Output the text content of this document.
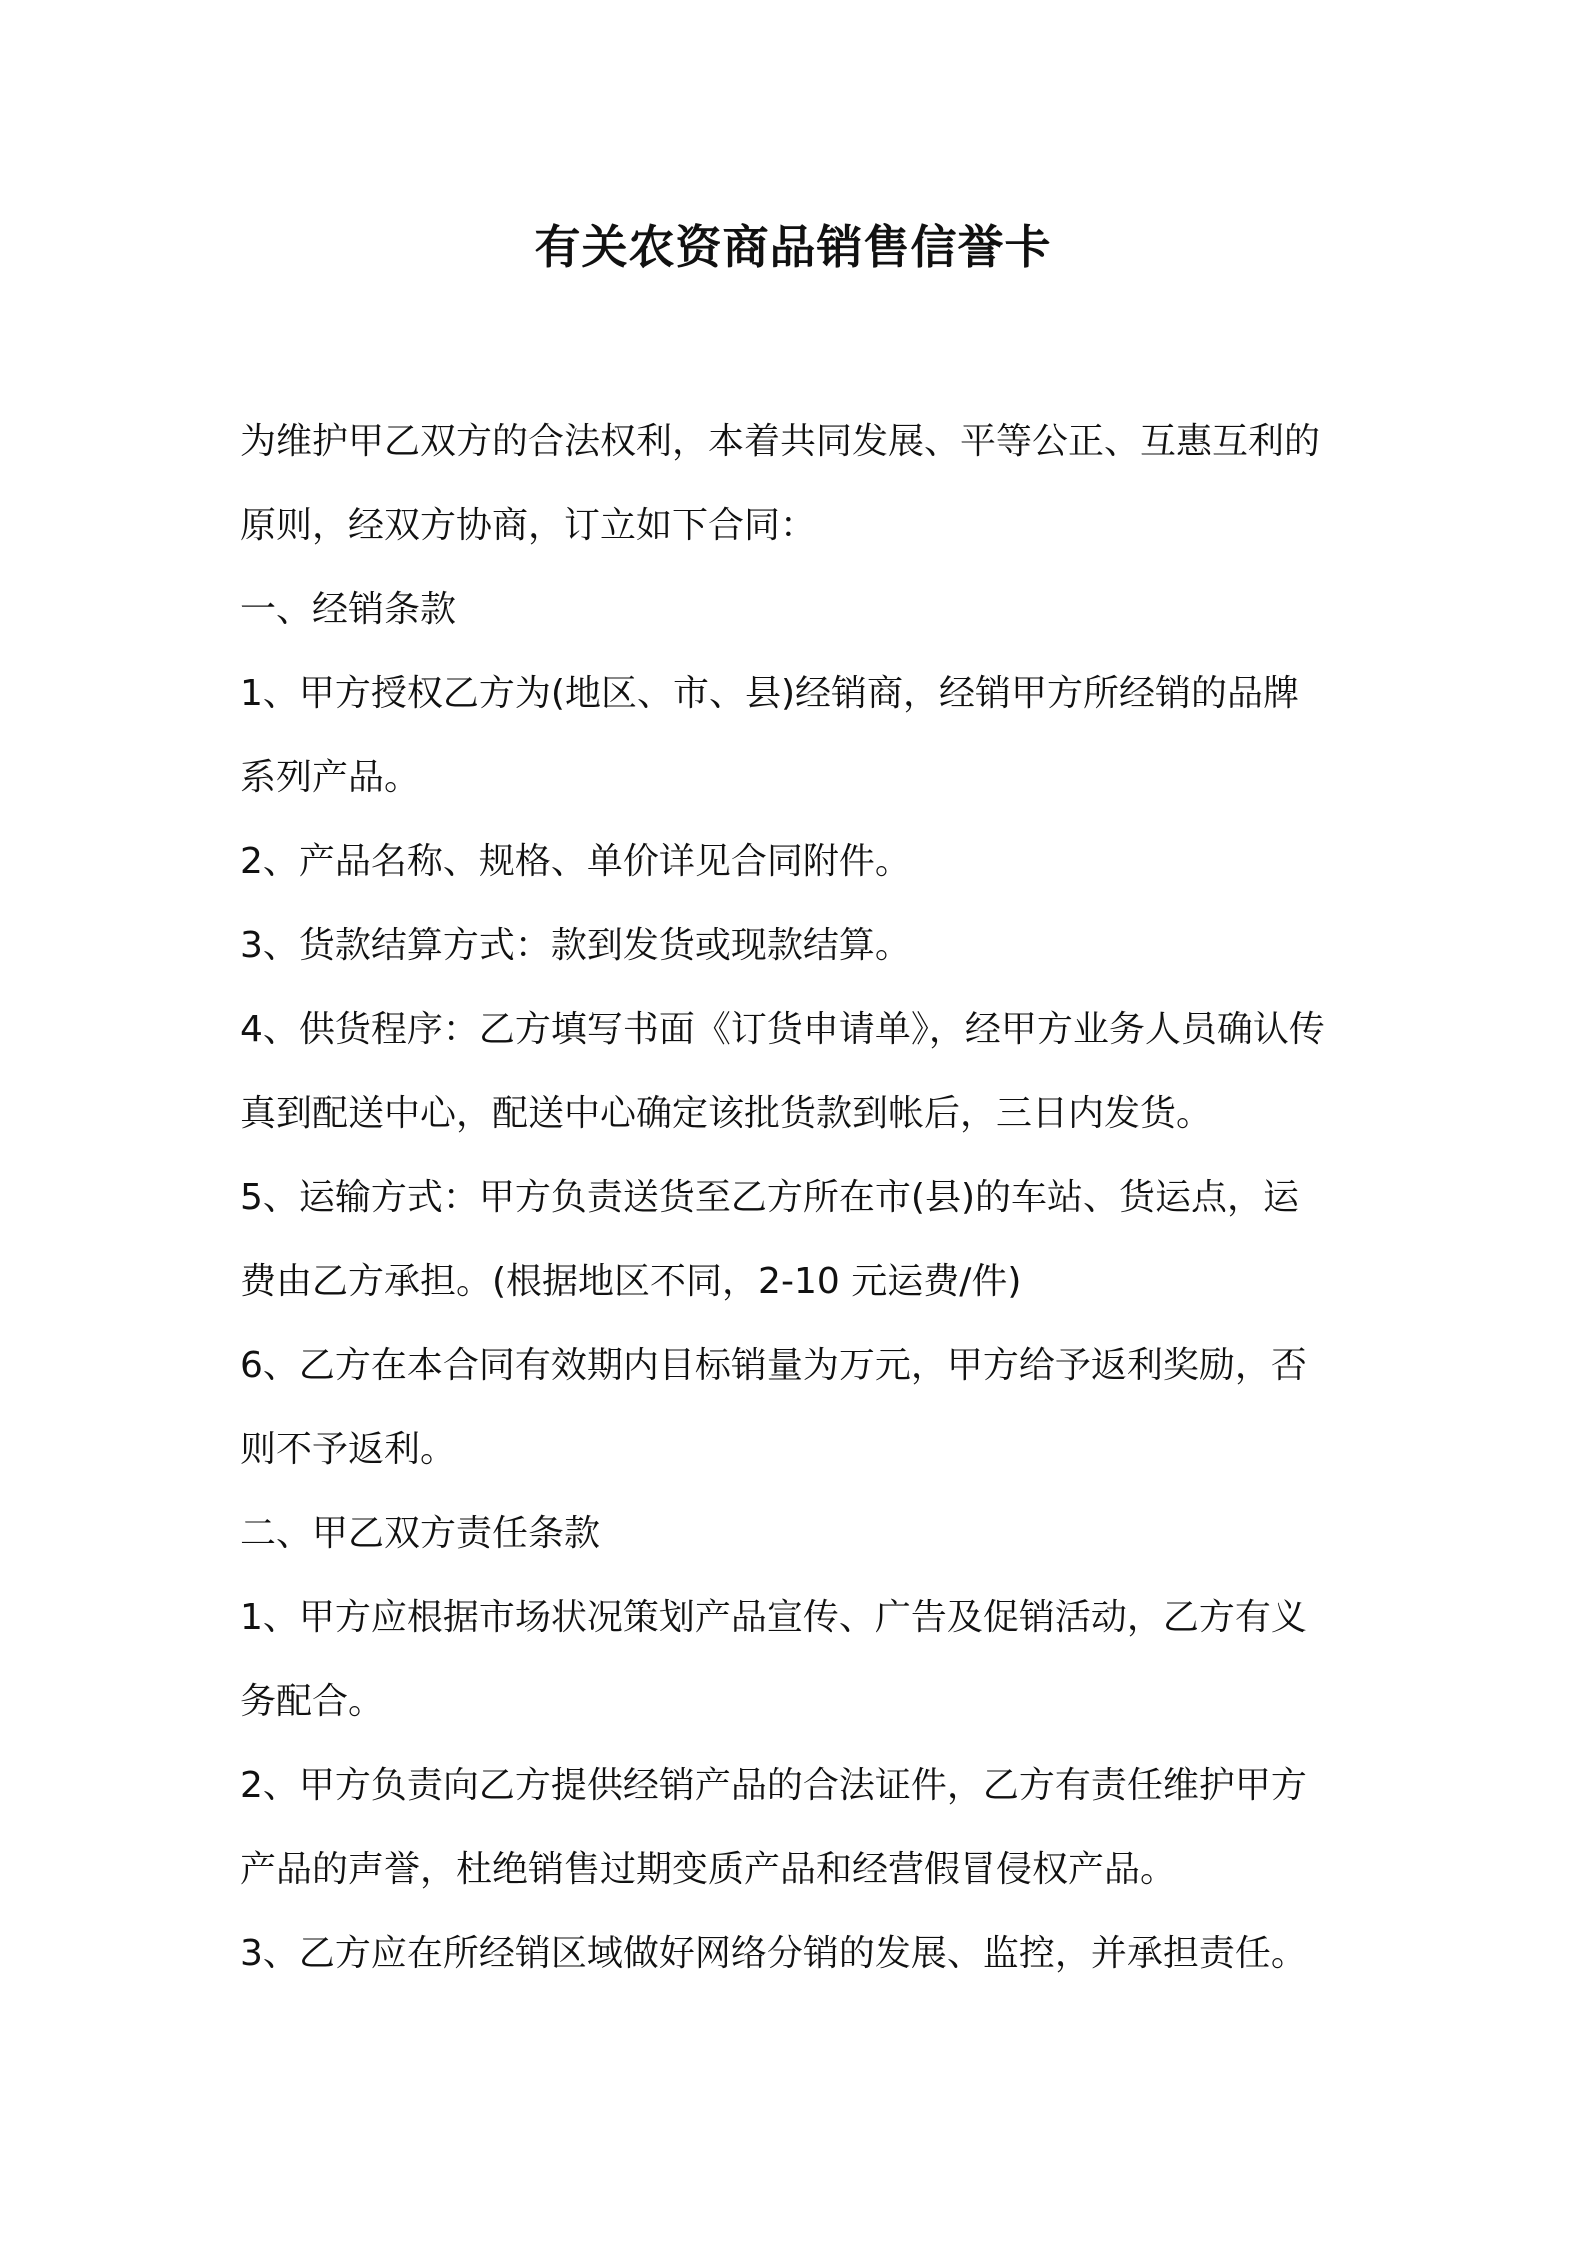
有关农资商品销售信誉卡

为维护甲乙双方的合法权利，本着共同发展、平等公正、互惠互利的

原则，经双方协商，订立如下合同：

一、经销条款

1、甲方授权乙方为(地区、市、县)经销商，经销甲方所经销的品牌

系列产品。

2、产品名称、规格、单价详见合同附件。

3、货款结算方式：款到发货或现款结算。

4、供货程序：乙方填写书面《订货申请单》，经甲方业务人员确认传

真到配送中心，配送中心确定该批货款到帐后，三日内发货。

5、运输方式：甲方负责送货至乙方所在市(县)的车站、货运点，运

费由乙方承担。(根据地区不同，2-10 元运费/件)

6、乙方在本合同有效期内目标销量为万元，甲方给予返利奖励，否

则不予返利。

二、甲乙双方责任条款

1、甲方应根据市场状况策划产品宣传、广告及促销活动，乙方有义

务配合。

2、甲方负责向乙方提供经销产品的合法证件，乙方有责任维护甲方

产品的声誉，杜绝销售过期变质产品和经营假冒侵权产品。

3、乙方应在所经销区域做好网络分销的发展、监控，并承担责任。
